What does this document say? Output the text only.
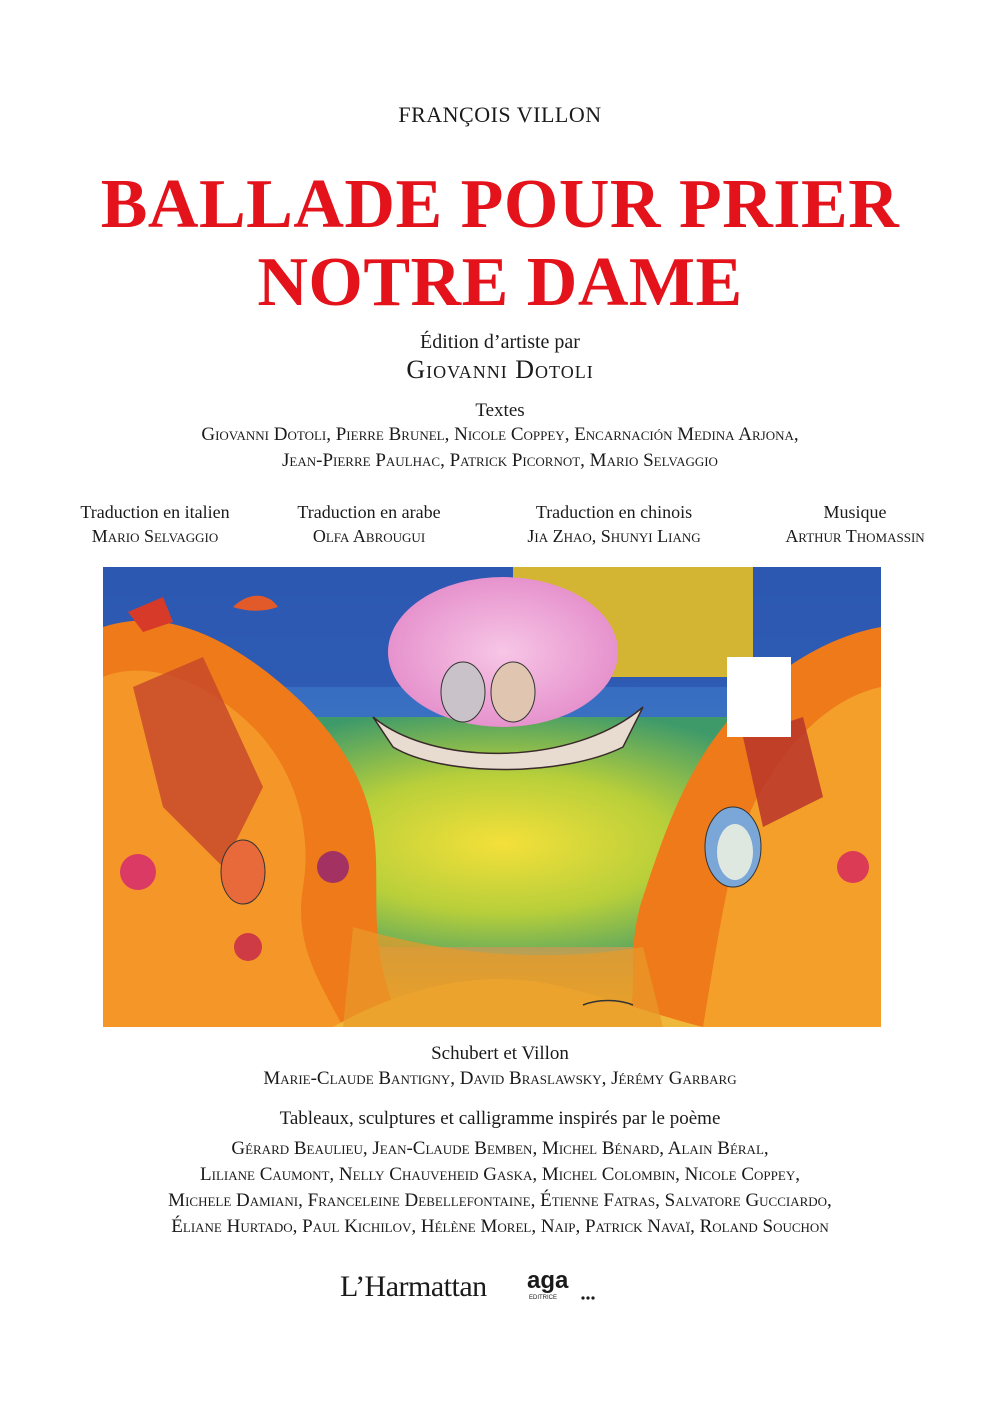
FRANÇOIS VILLON
BALLADE POUR PRIER
NOTRE DAME
Édition d’artiste par
Giovanni Dotoli
Textes
Giovanni Dotoli, Pierre Brunel, Nicole Coppey, Encarnación Medina Arjona,
Jean-Pierre Paulhac, Patrick Picornot, Mario Selvaggio
Traduction en italien
Mario Selvaggio
Traduction en arabe
Olfa Abrougui
Traduction en chinois
Jia Zhao, Shunyi Liang
Musique
Arthur Thomassin
Schubert et Villon
Marie-Claude Bantigny, David Braslawsky, Jérémy Garbarg
Tableaux, sculptures et calligramme inspirés par le poème
Gérard Beaulieu, Jean-Claude Bemben, Michel Bénard, Alain Béral,
Liliane Caumont, Nelly Chauveheid Gaska, Michel Colombin, Nicole Coppey,
Michele Damiani, Franceleine Debellefontaine, Étienne Fatras, Salvatore Gucciardo,
Éliane Hurtado, Paul Kichilov, Hélène Morel, Naip, Patrick Navaï, Roland Souchon
L’Harmattan aga
EDITRICE
